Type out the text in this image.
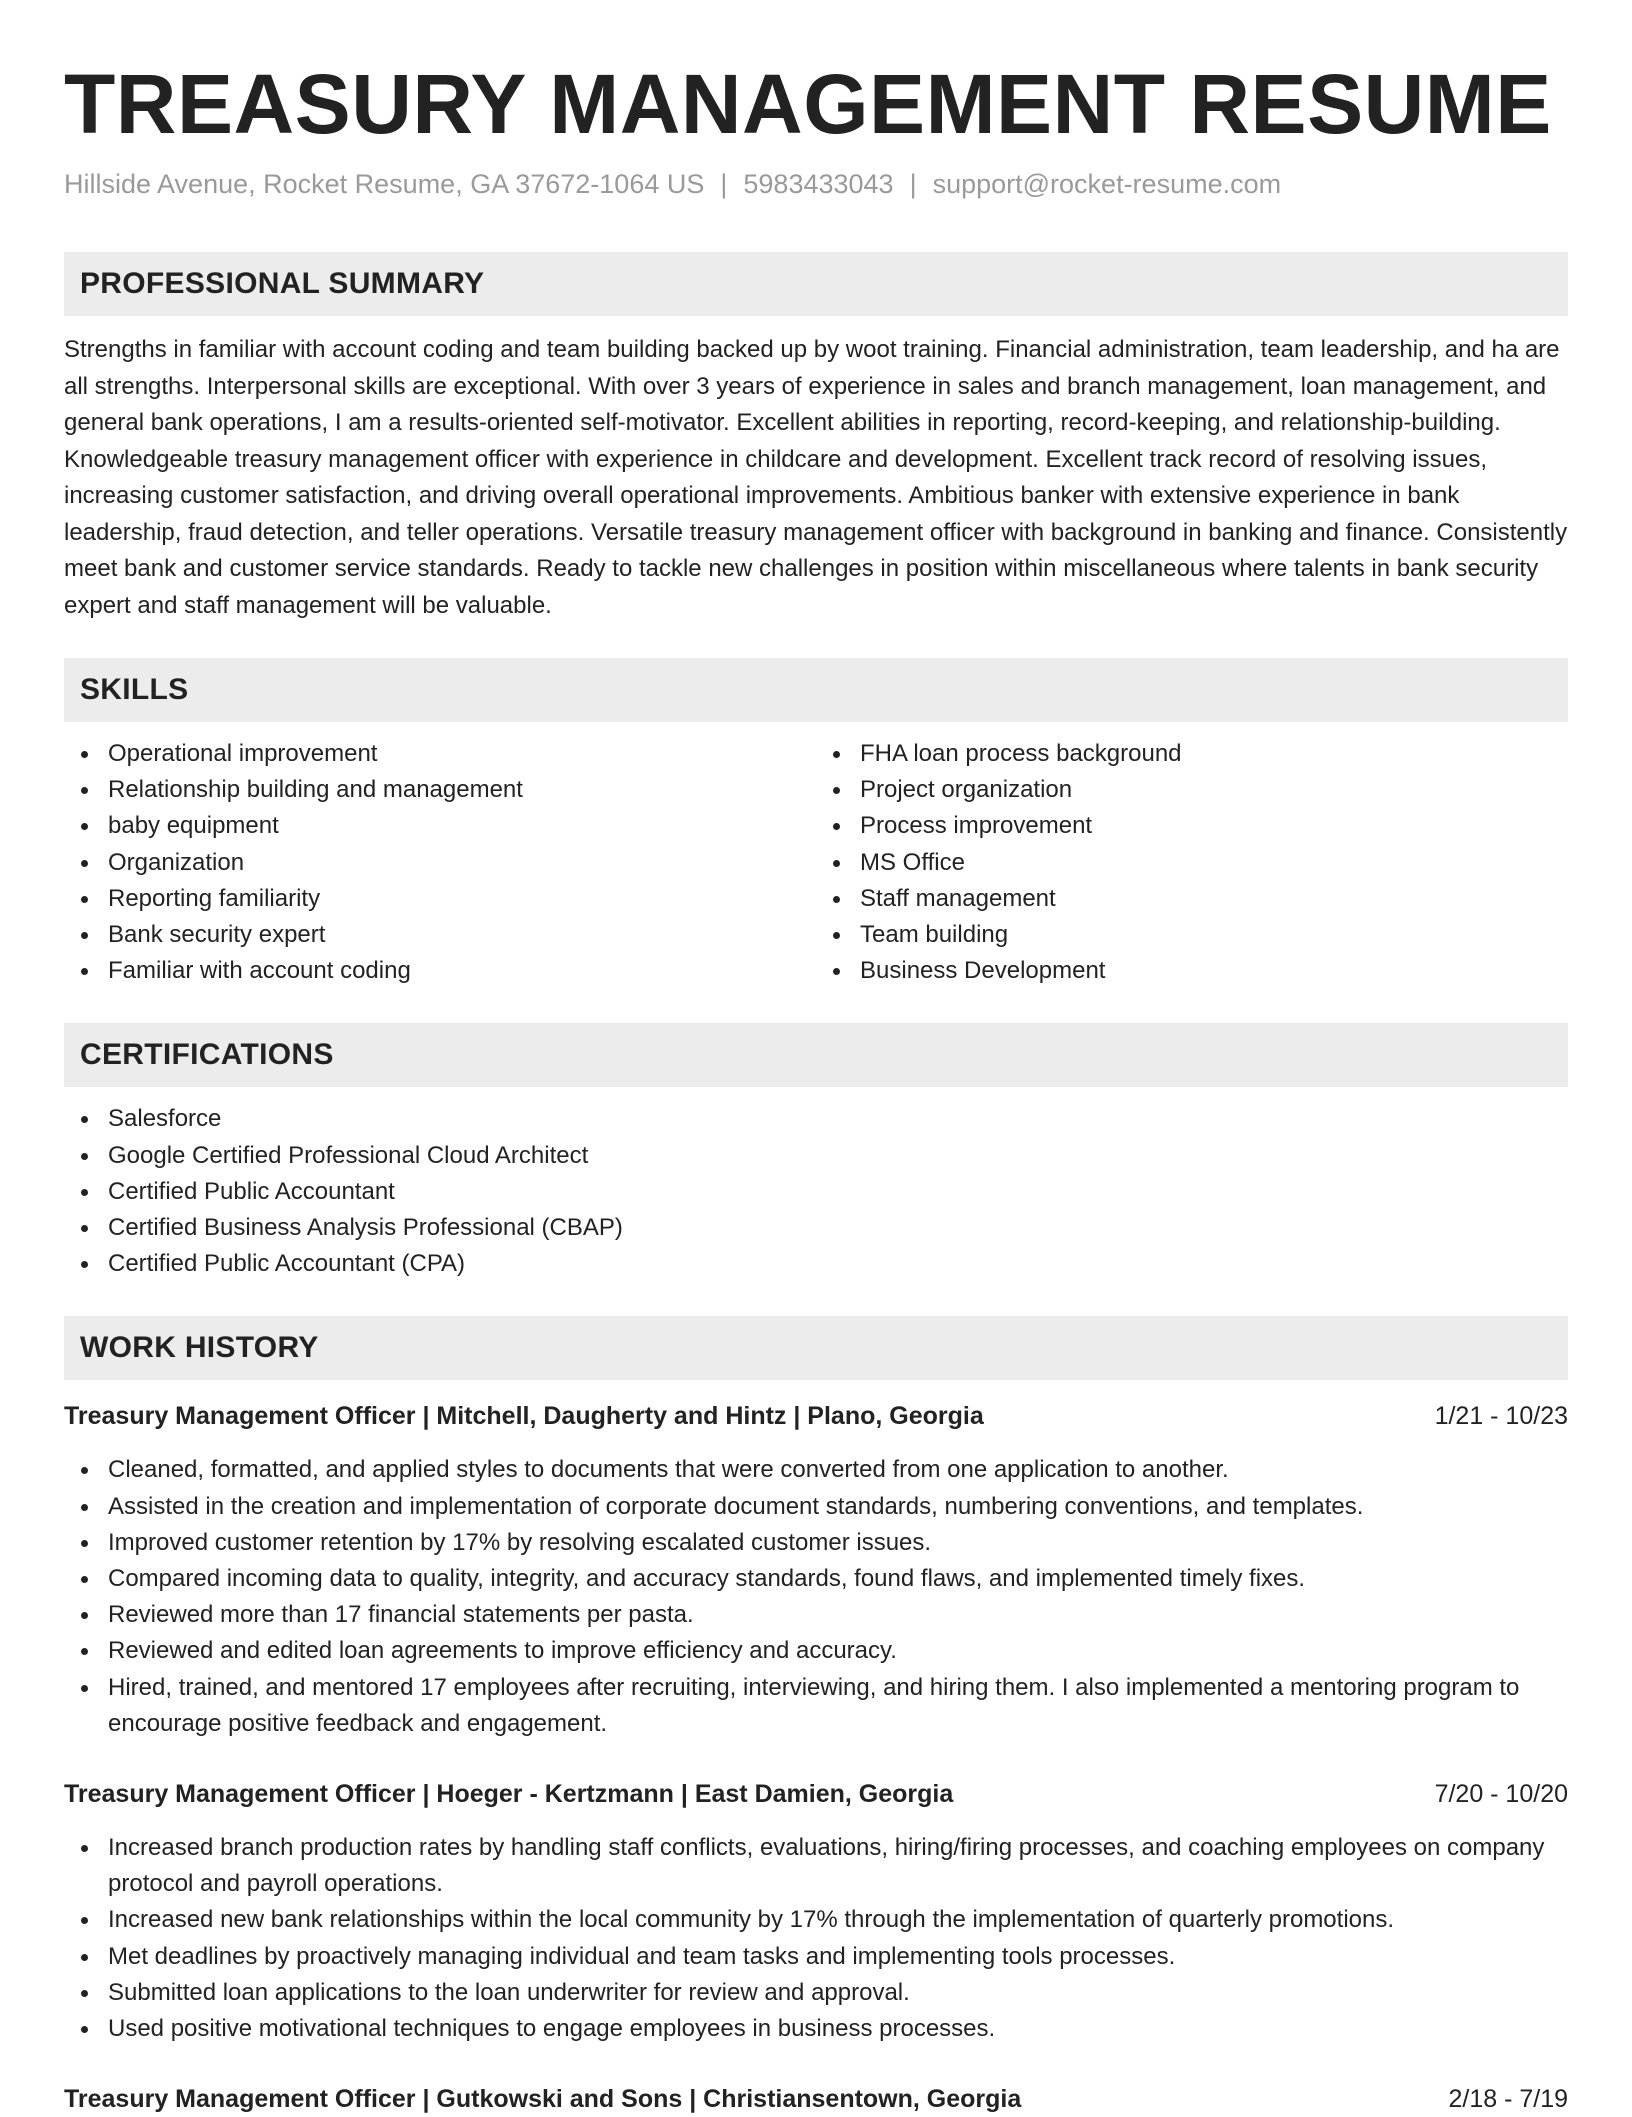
TREASURY MANAGEMENT RESUME
Hillside Avenue, Rocket Resume, GA 37672-1064 US | 5983433043 | support@rocket-resume.com
PROFESSIONAL SUMMARY
Strengths in familiar with account coding and team building backed up by woot training. Financial administration, team leadership, and ha are all strengths. Interpersonal skills are exceptional. With over 3 years of experience in sales and branch management, loan management, and general bank operations, I am a results-oriented self-motivator. Excellent abilities in reporting, record-keeping, and relationship-building. Knowledgeable treasury management officer with experience in childcare and development. Excellent track record of resolving issues, increasing customer satisfaction, and driving overall operational improvements. Ambitious banker with extensive experience in bank leadership, fraud detection, and teller operations. Versatile treasury management officer with background in banking and finance. Consistently meet bank and customer service standards. Ready to tackle new challenges in position within miscellaneous where talents in bank security expert and staff management will be valuable.
SKILLS
Operational improvement
Relationship building and management
baby equipment
Organization
Reporting familiarity
Bank security expert
Familiar with account coding
FHA loan process background
Project organization
Process improvement
MS Office
Staff management
Team building
Business Development
CERTIFICATIONS
Salesforce
Google Certified Professional Cloud Architect
Certified Public Accountant
Certified Business Analysis Professional (CBAP)
Certified Public Accountant (CPA)
WORK HISTORY
Treasury Management Officer | Mitchell, Daugherty and Hintz | Plano, Georgia	1/21 - 10/23
Cleaned, formatted, and applied styles to documents that were converted from one application to another.
Assisted in the creation and implementation of corporate document standards, numbering conventions, and templates.
Improved customer retention by 17% by resolving escalated customer issues.
Compared incoming data to quality, integrity, and accuracy standards, found flaws, and implemented timely fixes.
Reviewed more than 17 financial statements per pasta.
Reviewed and edited loan agreements to improve efficiency and accuracy.
Hired, trained, and mentored 17 employees after recruiting, interviewing, and hiring them. I also implemented a mentoring program to encourage positive feedback and engagement.
Treasury Management Officer | Hoeger - Kertzmann | East Damien, Georgia	7/20 - 10/20
Increased branch production rates by handling staff conflicts, evaluations, hiring/firing processes, and coaching employees on company protocol and payroll operations.
Increased new bank relationships within the local community by 17% through the implementation of quarterly promotions.
Met deadlines by proactively managing individual and team tasks and implementing tools processes.
Submitted loan applications to the loan underwriter for review and approval.
Used positive motivational techniques to engage employees in business processes.
Treasury Management Officer | Gutkowski and Sons | Christiansentown, Georgia	2/18 - 7/19
